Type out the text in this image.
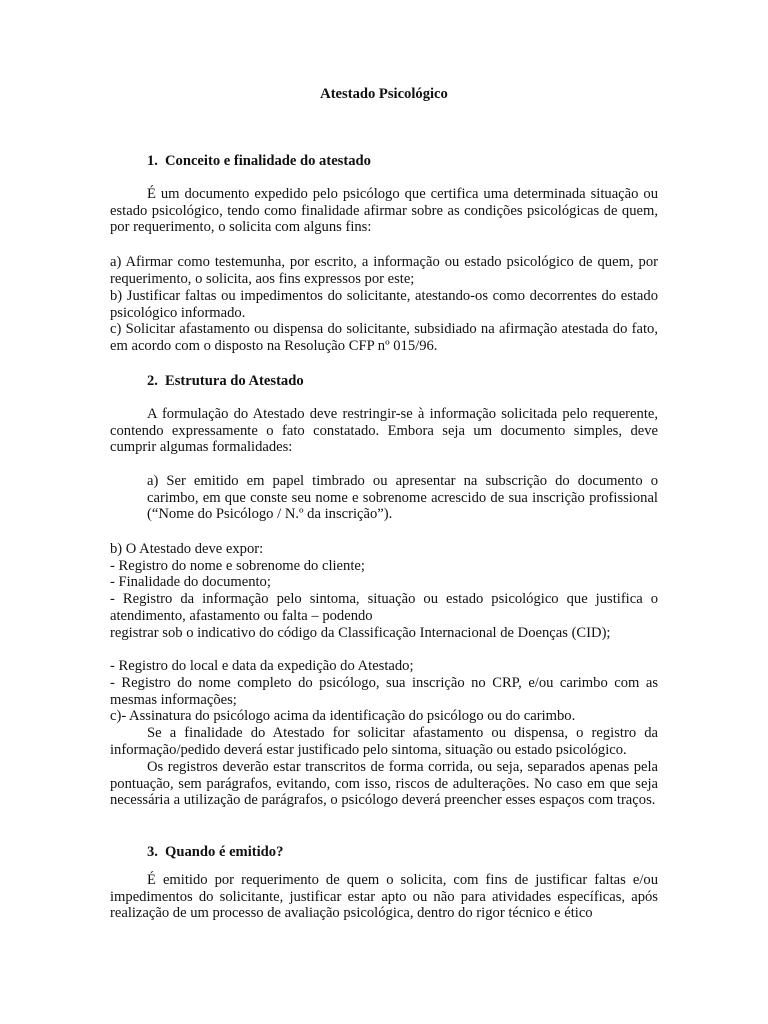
Atestado Psicológico
1. Conceito e finalidade do atestado

É um documento expedido pelo psicólogo que certifica uma determinada situação ou estado psicológico, tendo como finalidade afirmar sobre as condições psicológicas de quem, por requerimento, o solicita com alguns fins:

a) Afirmar como testemunha, por escrito, a informação ou estado psicológico de quem, por requerimento, o solicita, aos fins expressos por este;

b) Justificar faltas ou impedimentos do solicitante, atestando-os como decorrentes do estado psicológico informado.

c) Solicitar afastamento ou dispensa do solicitante, subsidiado na afirmação atestada do fato, em acordo com o disposto na Resolução CFP nº 015/96.

2. Estrutura do Atestado

A formulação do Atestado deve restringir-se à informação solicitada pelo requerente, contendo expressamente o fato constatado. Embora seja um documento simples, deve cumprir algumas formalidades:

a) Ser emitido em papel timbrado ou apresentar na subscrição do documento o carimbo, em que conste seu nome e sobrenome acrescido de sua inscrição profissional (“Nome do Psicólogo / N.º da inscrição”).

b) O Atestado deve expor:

- Registro do nome e sobrenome do cliente;

- Finalidade do documento;

- Registro da informação pelo sintoma, situação ou estado psicológico que justifica o atendimento, afastamento ou falta – podendo

registrar sob o indicativo do código da Classificação Internacional de Doenças (CID);

- Registro do local e data da expedição do Atestado;

- Registro do nome completo do psicólogo, sua inscrição no CRP, e/ou carimbo com as mesmas informações;

c)- Assinatura do psicólogo acima da identificação do psicólogo ou do carimbo.

Se a finalidade do Atestado for solicitar afastamento ou dispensa, o registro da informação/pedido deverá estar justificado pelo sintoma, situação ou estado psicológico.

Os registros deverão estar transcritos de forma corrida, ou seja, separados apenas pela pontuação, sem parágrafos, evitando, com isso, riscos de adulterações. No caso em que seja necessária a utilização de parágrafos, o psicólogo deverá preencher esses espaços com traços.

3. Quando é emitido?

É emitido por requerimento de quem o solicita, com fins de justificar faltas e/ou impedimentos do solicitante, justificar estar apto ou não para atividades específicas, após realização de um processo de avaliação psicológica, dentro do rigor técnico e ético
